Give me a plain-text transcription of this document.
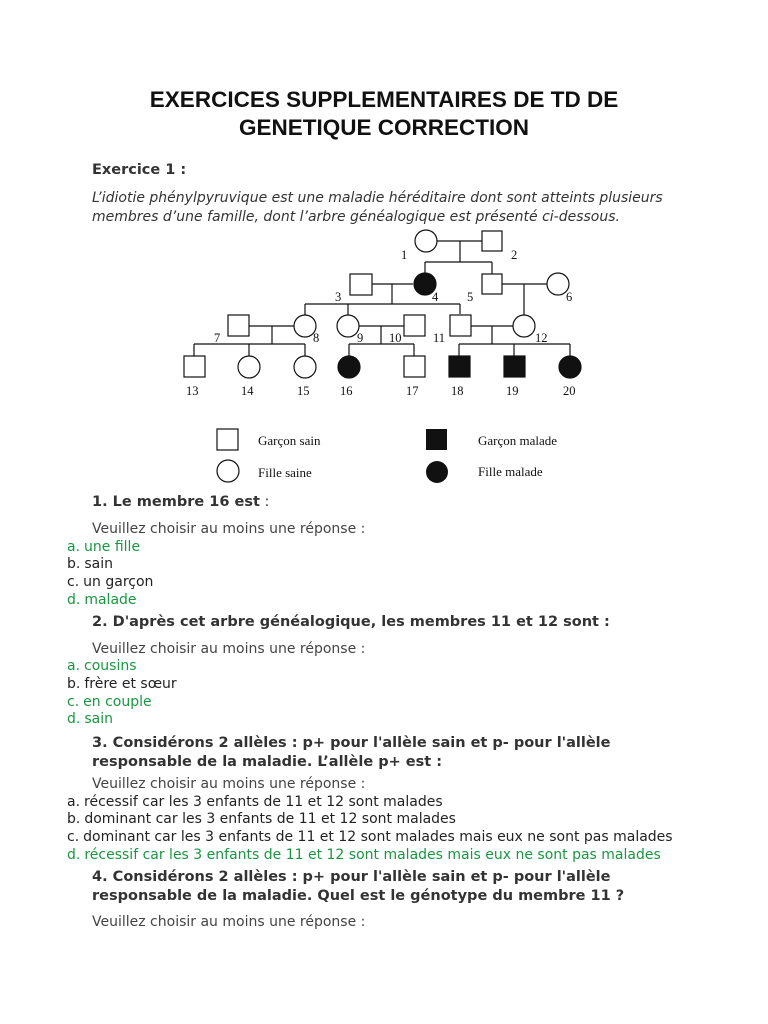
EXERCICES SUPPLEMENTAIRES DE TD DE
GENETIQUE CORRECTION
Exercice 1 :
L’idiotie phénylpyruvique est une maladie héréditaire dont sont atteints plusieurs
membres d’une famille, dont l’arbre généalogique est présenté ci-dessous.
1	2
3	4 5	6
7	8	9 10	11	12
13	14	15 16	17	18	19	20
Garçon sain
Fille saine
Garçon malade
Fille malade
1. Le membre 16 est :
Veuillez choisir au moins une réponse :
a. une fille
b. sain
c. un garçon
d. malade
2. D'après cet arbre généalogique, les membres 11 et 12 sont :
Veuillez choisir au moins une réponse :
a. cousins
b. frère et sœur
c. en couple
d. sain
3. Considérons 2 allèles : p+ pour l'allèle sain et p- pour l'allèle
responsable de la maladie. L’allèle p+ est :
Veuillez choisir au moins une réponse :
a. récessif car les 3 enfants de 11 et 12 sont malades
b. dominant car les 3 enfants de 11 et 12 sont malades
c. dominant car les 3 enfants de 11 et 12 sont malades mais eux ne sont pas malades
d. récessif car les 3 enfants de 11 et 12 sont malades mais eux ne sont pas malades
4. Considérons 2 allèles : p+ pour l'allèle sain et p- pour l'allèle
responsable de la maladie. Quel est le génotype du membre 11 ?
Veuillez choisir au moins une réponse :
